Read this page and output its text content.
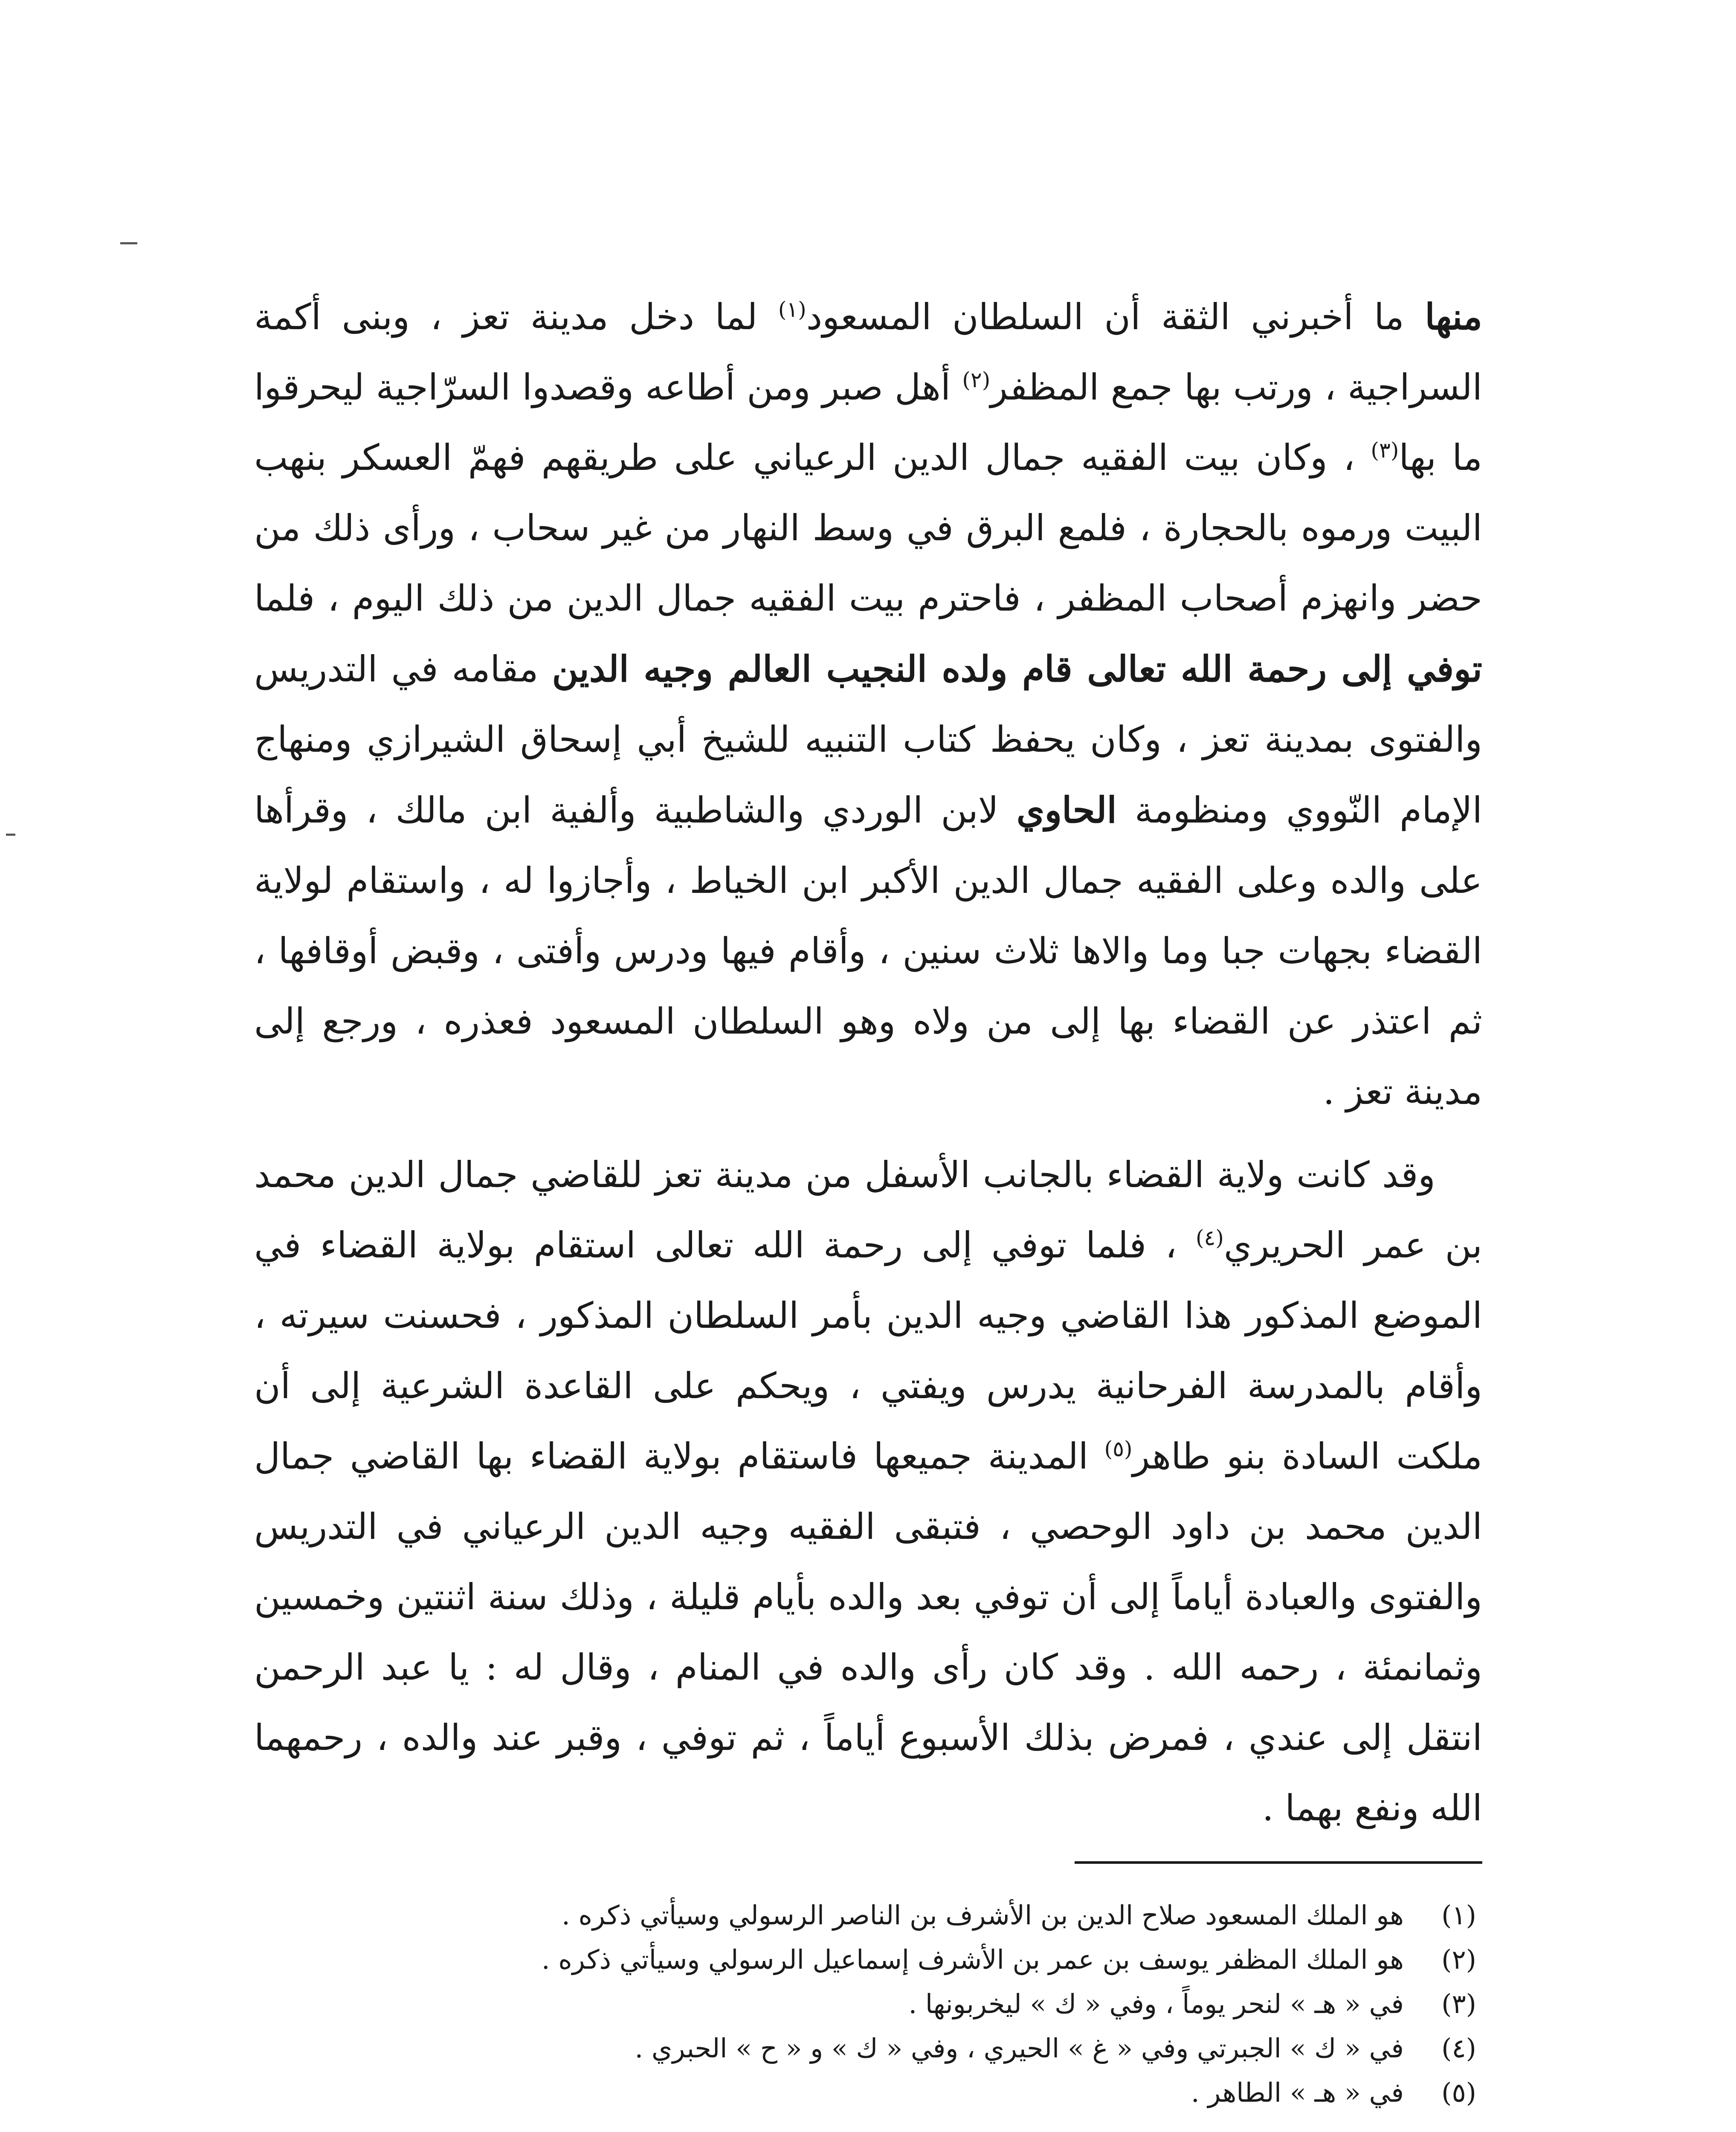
منها ما أخبرني الثقة أن السلطان المسعود$^{(١)}$ لما دخل مدينة تعز ، وبنى أكمة السراجية ، ورتب بها جمع المظفر$^{(٢)}$ أهل صبر ومن أطاعه وقصدوا السرّاجية ليحرقوا ما بها$^{(٣)}$ ، وكان بيت الفقيه جمال الدين الرعياني على طريقهم فهمّ العسكر بنهب البيت ورموه بالحجارة ، فلمع البرق في وسط النهار من غير سحاب ، ورأى ذلك من حضر وانهزم أصحاب المظفر ، فاحترم بيت الفقيه جمال الدين من ذلك اليوم ، فلما توفي إلى رحمة الله تعالى قام ولده النجيب العالم وجيه الدين مقامه في التدريس والفتوى بمدينة تعز ، وكان يحفظ كتاب التنبيه للشيخ أبي إسحاق الشيرازي ومنهاج الإمام النّووي ومنظومة الحاوي لابن الوردي والشاطبية وألفية ابن مالك ، وقرأها على والده وعلى الفقيه جمال الدين الأكبر ابن الخياط ، وأجازوا له ، واستقام لولاية القضاء بجهات جبا وما والاها ثلاث سنين ، وأقام فيها ودرس وأفتى ، وقبض أوقافها ، ثم اعتذر عن القضاء بها إلى من ولاه وهو السلطان المسعود فعذره ، ورجع إلى مدينة تعز .

وقد كانت ولاية القضاء بالجانب الأسفل من مدينة تعز للقاضي جمال الدين محمد بن عمر الحريري$^{(٤)}$ ، فلما توفي إلى رحمة الله تعالى استقام بولاية القضاء في الموضع المذكور هذا القاضي وجيه الدين بأمر السلطان المذكور ، فحسنت سيرته ، وأقام بالمدرسة الفرحانية يدرس ويفتي ، ويحكم على القاعدة الشرعية إلى أن ملكت السادة بنو طاهر$^{(٥)}$ المدينة جميعها فاستقام بولاية القضاء بها القاضي جمال الدين محمد بن داود الوحصي ، فتبقى الفقيه وجيه الدين الرعياني في التدريس والفتوى والعبادة أياماً إلى أن توفي بعد والده بأيام قليلة ، وذلك سنة اثنتين وخمسين وثمانمئة ، رحمه الله . وقد كان رأى والده في المنام ، وقال له : يا عبد الرحمن انتقل إلى عندي ، فمرض بذلك الأسبوع أياماً ، ثم توفي ، وقبر عند والده ، رحمهما الله ونفع بهما .

(١)
هو الملك المسعود صلاح الدين بن الأشرف بن الناصر الرسولي وسيأتي ذكره .
(٢)
هو الملك المظفر يوسف بن عمر بن الأشرف إسماعيل الرسولي وسيأتي ذكره .
(٣)
في « هـ » لنحر يوماً ، وفي « ك » ليخربونها .
(٤)
في « ك » الجبرتي وفي « غ » الحيري ، وفي « ك » و « ح » الحبري .
(٥)
في « هـ » الطاهر .
